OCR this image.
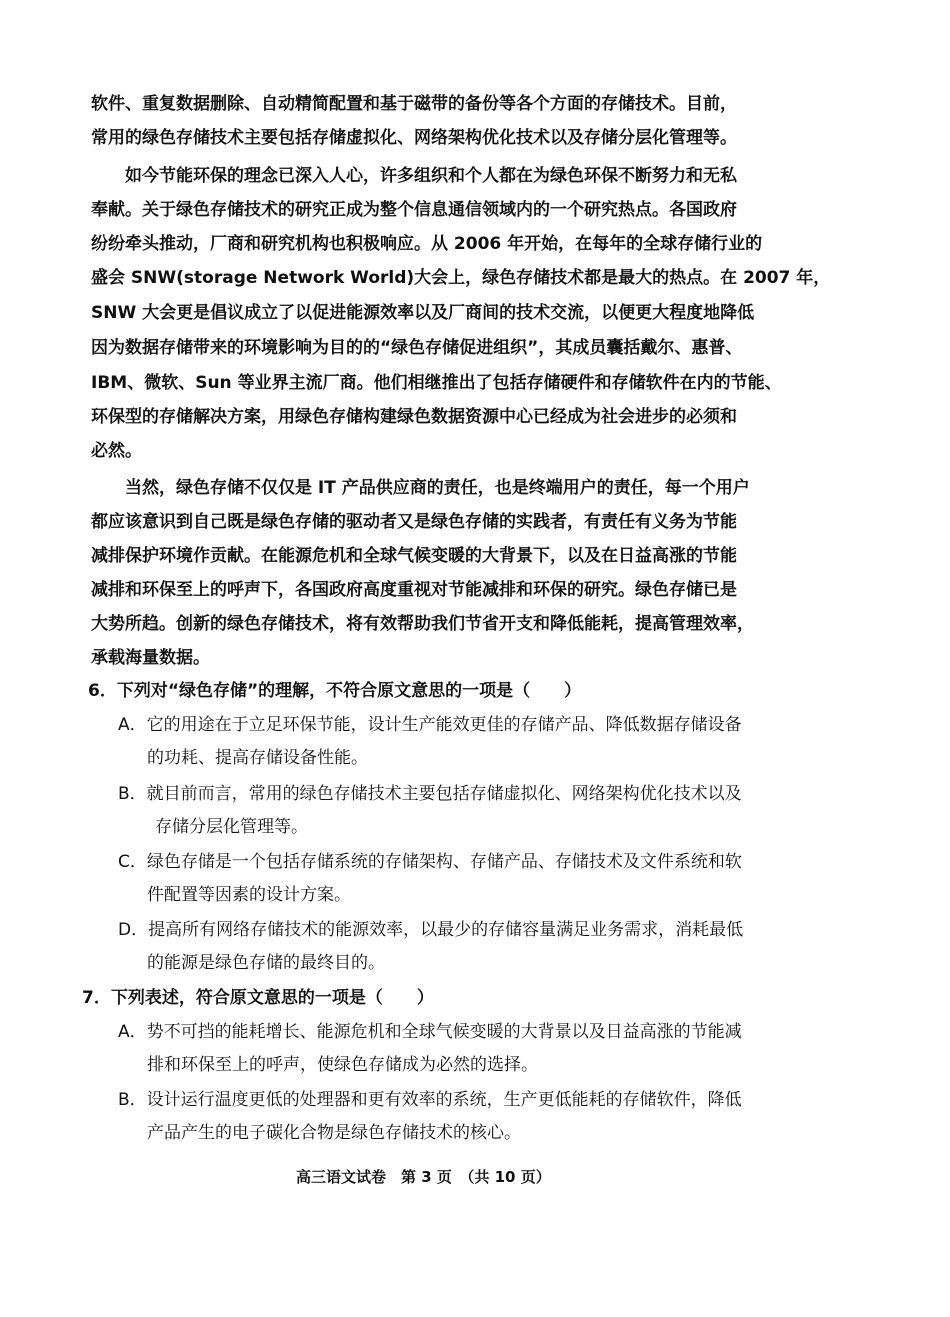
软件、重复数据删除、自动精简配置和基于磁带的备份等各个方面的存储技术。目前，
常用的绿色存储技术主要包括存储虚拟化、网络架构优化技术以及存储分层化管理等。
如今节能环保的理念已深入人心，许多组织和个人都在为绿色环保不断努力和无私
奉献。关于绿色存储技术的研究正成为整个信息通信领域内的一个研究热点。各国政府
纷纷牵头推动，厂商和研究机构也积极响应。从 2006 年开始，在每年的全球存储行业的
盛会 SNW(storage Network World)大会上，绿色存储技术都是最大的热点。在 2007 年，
SNW 大会更是倡议成立了以促进能源效率以及厂商间的技术交流，以便更大程度地降低
因为数据存储带来的环境影响为目的的“绿色存储促进组织”，其成员囊括戴尔、惠普、
IBM、微软、Sun 等业界主流厂商。他们相继推出了包括存储硬件和存储软件在内的节能、
环保型的存储解决方案，用绿色存储构建绿色数据资源中心已经成为社会进步的必须和
必然。
当然，绿色存储不仅仅是 IT 产品供应商的责任，也是终端用户的责任，每一个用户
都应该意识到自己既是绿色存储的驱动者又是绿色存储的实践者，有责任有义务为节能
减排保护环境作贡献。在能源危机和全球气候变暖的大背景下，以及在日益高涨的节能
减排和环保至上的呼声下，各国政府高度重视对节能减排和环保的研究。绿色存储已是
大势所趋。创新的绿色存储技术，将有效帮助我们节省开支和降低能耗，提高管理效率，
承载海量数据。
6．下列对“绿色存储”的理解，不符合原文意思的一项是（　　）
A．它的用途在于立足环保节能，设计生产能效更佳的存储产品、降低数据存储设备
的功耗、提高存储设备性能。
B．就目前而言，常用的绿色存储技术主要包括存储虚拟化、网络架构优化技术以及
存储分层化管理等。
C．绿色存储是一个包括存储系统的存储架构、存储产品、存储技术及文件系统和软
件配置等因素的设计方案。
D．提高所有网络存储技术的能源效率，以最少的存储容量满足业务需求，消耗最低
的能源是绿色存储的最终目的。
7．下列表述，符合原文意思的一项是（　　）
A．势不可挡的能耗增长、能源危机和全球气候变暖的大背景以及日益高涨的节能减
排和环保至上的呼声，使绿色存储成为必然的选择。
B．设计运行温度更低的处理器和更有效率的系统，生产更低能耗的存储软件，降低
产品产生的电子碳化合物是绿色存储技术的核心。
高三语文试卷　第 3 页　（共 10 页）
